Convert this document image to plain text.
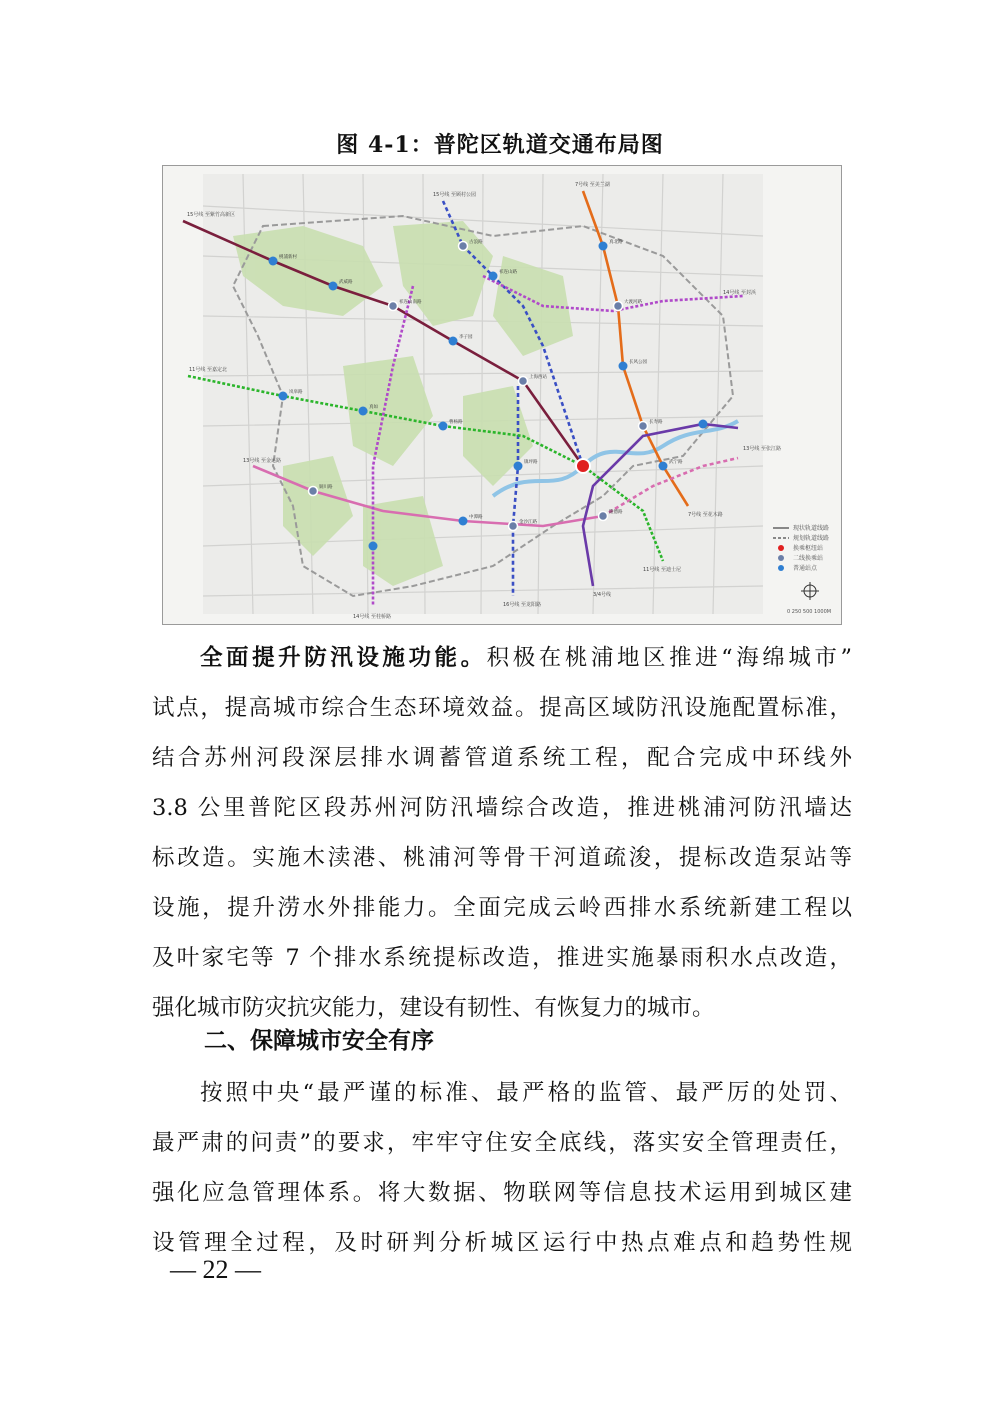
图 4-1：普陀区轨道交通布局图
现状轨道线路
规划轨道线路
换乘枢纽站
二线换乘站
普通站点
0 250 500 1000M
15号线 至紫竹高新区
15号线 至顾村公园
7号线 至美兰湖
11号线 至嘉定北
14号线 至封浜
14号线 至桂桥路
13号线 至金运路
3/4号线
7号线 至花木路
11号线 至迪士尼
13号线 至张江路
16号线 至龙阳路
桃浦新村
武威路
祁连山南路
李子园
上海西站
古浪路
祁连山路
真北路
大渡河路
长风公园
长寿路
武宁路
岚皋路
真如
曹杨路
铜川路
中潭路
镇坪路
金沙江路
隆德路
全面提升防汛设施功能。积极在桃浦地区推进“海绵城市”
试点，提高城市综合生态环境效益。提高区域防汛设施配置标准，
结合苏州河段深层排水调蓄管道系统工程，配合完成中环线外
3.8 公里普陀区段苏州河防汛墙综合改造，推进桃浦河防汛墙达
标改造。实施木渎港、桃浦河等骨干河道疏浚，提标改造泵站等
设施，提升涝水外排能力。全面完成云岭西排水系统新建工程以
及叶家宅等 7 个排水系统提标改造，推进实施暴雨积水点改造，
强化城市防灾抗灾能力，建设有韧性、有恢复力的城市。
二、保障城市安全有序
按照中央“最严谨的标准、最严格的监管、最严厉的处罚、
最严肃的问责”的要求，牢牢守住安全底线，落实安全管理责任，
强化应急管理体系。将大数据、物联网等信息技术运用到城区建
设管理全过程，及时研判分析城区运行中热点难点和趋势性规
— 22 —
